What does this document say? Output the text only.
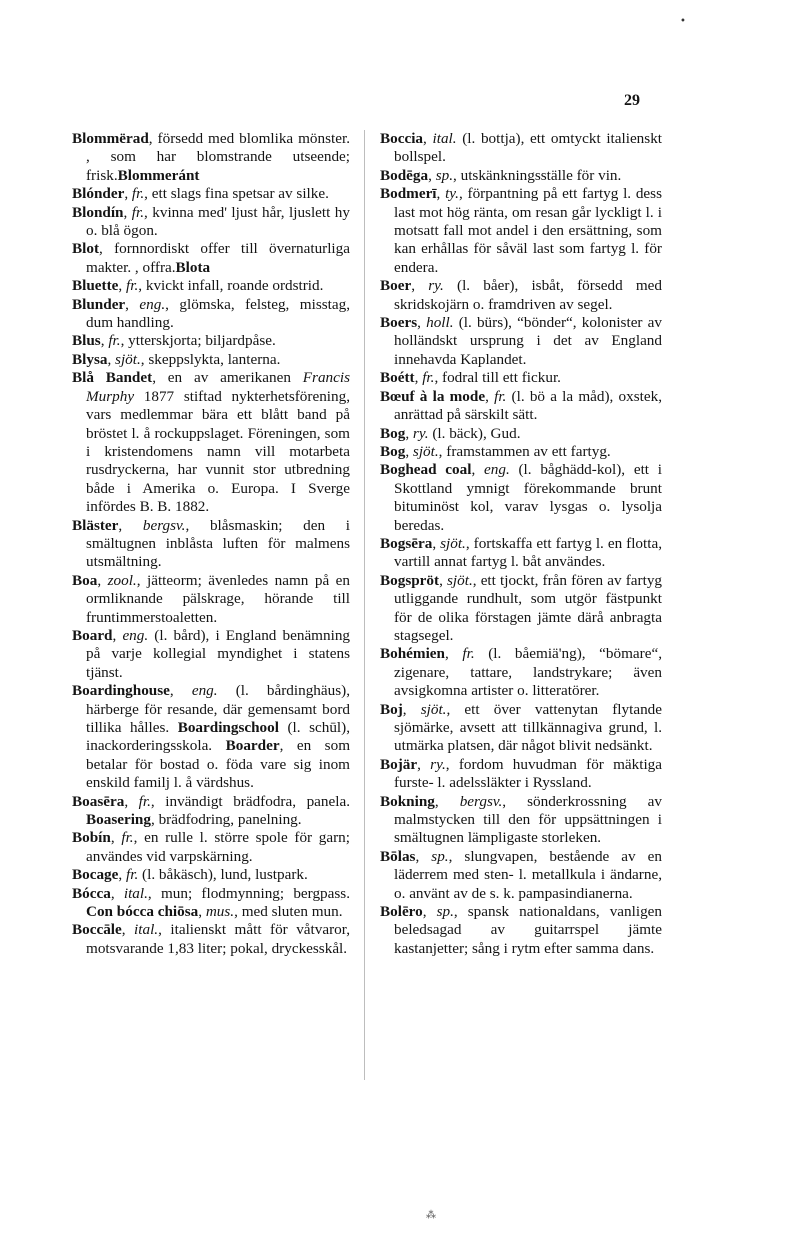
29
•

Blommërad, försedd med blomlika mönster. , som har blomstrande utseende; frisk.Blommeránt

Blónder, fr., ett slags fina spetsar av silke.

Blondín, fr., kvinna med' ljust hår, ljuslett hy o. blå ögon.

Blot, fornnordiskt offer till övernaturliga makter. , offra.Blota

Bluette, fr., kvickt infall, roande ordstrid.

Blunder, eng., glömska, felsteg, misstag, dum handling.

Blus, fr., ytterskjorta; biljardpåse.

Blysa, sjöt., skeppslykta, lanterna.

Blå Bandet, en av amerikanen Francis Murphy 1877 stiftad nykterhetsförening, vars medlemmar bära ett blått band på bröstet l. å rockuppslaget. Föreningen, som i kristendomens namn vill motarbeta rusdryckerna, har vunnit stor utbredning både i Amerika o. Europa. I Sverge infördes B. B. 1882.

Bläster, bergsv., blåsmaskin; den i smältugnen inblåsta luften för malmens utsmältning.

Boa, zool., jätteorm; ävenledes namn på en ormliknande pälskrage, hörande till fruntimmerstoaletten.

Board, eng. (l. bård), i England benämning på varje kollegial myndighet i statens tjänst.

Boardinghouse, eng. (l. bårdinghäus), härberge för resande, där gemensamt bord tillika hålles. Boardingschool (l. schūl), inackorderingsskola. Boarder, en som betalar för bostad o. föda vare sig inom enskild familj l. å värdshus.

Boasēra, fr., invändigt brädfodra, panela. Boasering, brädfodring, panelning.

Bobín, fr., en rulle l. större spole för garn; användes vid varpskärning.

Bocage, fr. (l. båkäsch), lund, lustpark.

Bócca, ital., mun; flodmynning; bergpass. Con bócca chiōsa, mus., med sluten mun.

Boccāle, ital., italienskt mått för våtvaror, motsvarande 1,83 liter; pokal, dryckesskål.

Boccia, ital. (l. bottja), ett omtyckt italienskt bollspel.

Bodēga, sp., utskänkningsställe för vin.

Bodmerī, ty., förpantning på ett fartyg l. dess last mot hög ränta, om resan går lyckligt l. i motsatt fall mot andel i den ersättning, som kan erhållas för såväl last som fartyg l. för endera.

Boer, ry. (l. båer), isbåt, försedd med skridskojärn o. framdriven av segel.

Boers, holl. (l. bürs), “bönder“, kolonister av holländskt ursprung i det av England innehavda Kaplandet.

Boétt, fr., fodral till ett fickur.

Bœuf à la mode, fr. (l. bö a la måd), oxstek, anrättad på särskilt sätt.

Bog, ry. (l. bäck), Gud.

Bog, sjöt., framstammen av ett fartyg.

Boghead coal, eng. (l. båghädd-kol), ett i Skottland ymnigt förekommande brunt bituminöst kol, varav lysgas o. lysolja beredas.

Bogsēra, sjöt., fortskaffa ett fartyg l. en flotta, vartill annat fartyg l. båt användes.

Bogspröt, sjöt., ett tjockt, från fören av fartyg utliggande rundhult, som utgör fästpunkt för de olika förstagen jämte därå anbragta stagsegel.

Bohémien, fr. (l. båemiä'ng), “bömare“, zigenare, tattare, landstrykare; även avsigkomna artister o. litteratörer.

Boj, sjöt., ett över vattenytan flytande sjömärke, avsett att tillkännagiva grund, l. utmärka platsen, där något blivit nedsänkt.

Bojär, ry., fordom huvudman för mäktiga furste- l. adelssläkter i Ryssland.

Bokning, bergsv., sönderkrossning av malmstycken till den för uppsättningen i smältugnen lämpligaste storleken.

Bōlas, sp., slungvapen, bestående av en läderrem med sten- l. metallkula i ändarne, o. använt av de s. k. pampasindianerna.

Bolēro, sp., spansk nationaldans, vanligen beledsagad av guitarrspel jämte kastanjetter; sång i rytm efter samma dans.

⁂
